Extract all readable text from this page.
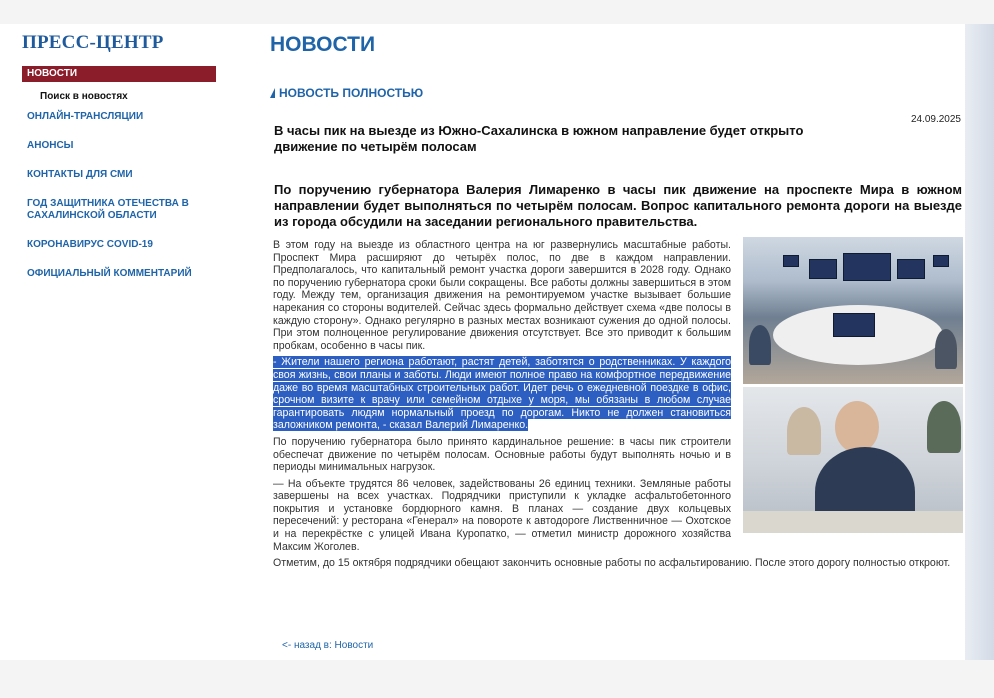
ПРЕСС-ЦЕНТР
НОВОСТИ
Поиск в новостях
ОНЛАЙН-ТРАНСЛЯЦИИ
АНОНСЫ
КОНТАКТЫ ДЛЯ СМИ
ГОД ЗАЩИТНИКА ОТЕЧЕСТВА В САХАЛИНСКОЙ ОБЛАСТИ
КОРОНАВИРУС COVID-19
ОФИЦИАЛЬНЫЙ КОММЕНТАРИЙ
НОВОСТИ
НОВОСТЬ ПОЛНОСТЬЮ
24.09.2025
В часы пик на выезде из Южно-Сахалинска в южном направление будет открыто движение по четырём полосам
По поручению губернатора Валерия Лимаренко в часы пик движение на проспекте Мира в южном направлении будет выполняться по четырём полосам. Вопрос капитального ремонта дороги на выезде из города обсудили на заседании регионального правительства.

В этом году на выезде из областного центра на юг развернулись масштабные работы. Проспект Мира расширяют до четырёх полос, по две в каждом направлении. Предполагалось, что капитальный ремонт участка дороги завершится в 2028 году. Однако по поручению губернатора сроки были сокращены. Все работы должны завершиться в этом году. Между тем, организация движения на ремонтируемом участке вызывает большие нарекания со стороны водителей. Сейчас здесь формально действует схема «две полосы в каждую сторону». Однако регулярно в разных местах возникают сужения до одной полосы. При этом полноценное регулирование движения отсутствует. Все это приводит к большим пробкам, особенно в часы пик.

- Жители нашего региона работают, растят детей, заботятся о родственниках. У каждого своя жизнь, свои планы и заботы. Люди имеют полное право на комфортное передвижение даже во время масштабных строительных работ. Идет речь о ежедневной поездке в офис, срочном визите к врачу или семейном отдыхе у моря, мы обязаны в любом случае гарантировать людям нормальный проезд по дорогам. Никто не должен становиться заложником ремонта, - сказал Валерий Лимаренко.

По поручению губернатора было принято кардинальное решение: в часы пик строители обеспечат движение по четырём полосам. Основные работы будут выполнять ночью и в периоды минимальных нагрузок.

— На объекте трудятся 86 человек, задействованы 26 единиц техники. Земляные работы завершены на всех участках. Подрядчики приступили к укладке асфальтобетонного покрытия и установке бордюрного камня. В планах — создание двух кольцевых пересечений: у ресторана «Генерал» на повороте к автодороге Лиственничное — Охотское и на перекрёстке с улицей Ивана Куропатко, — отметил министр дорожного хозяйства Максим Жоголев.

Отметим, до 15 октября подрядчики обещают закончить основные работы по асфальтированию. После этого дорогу полностью откроют.

<- назад в: Новости
